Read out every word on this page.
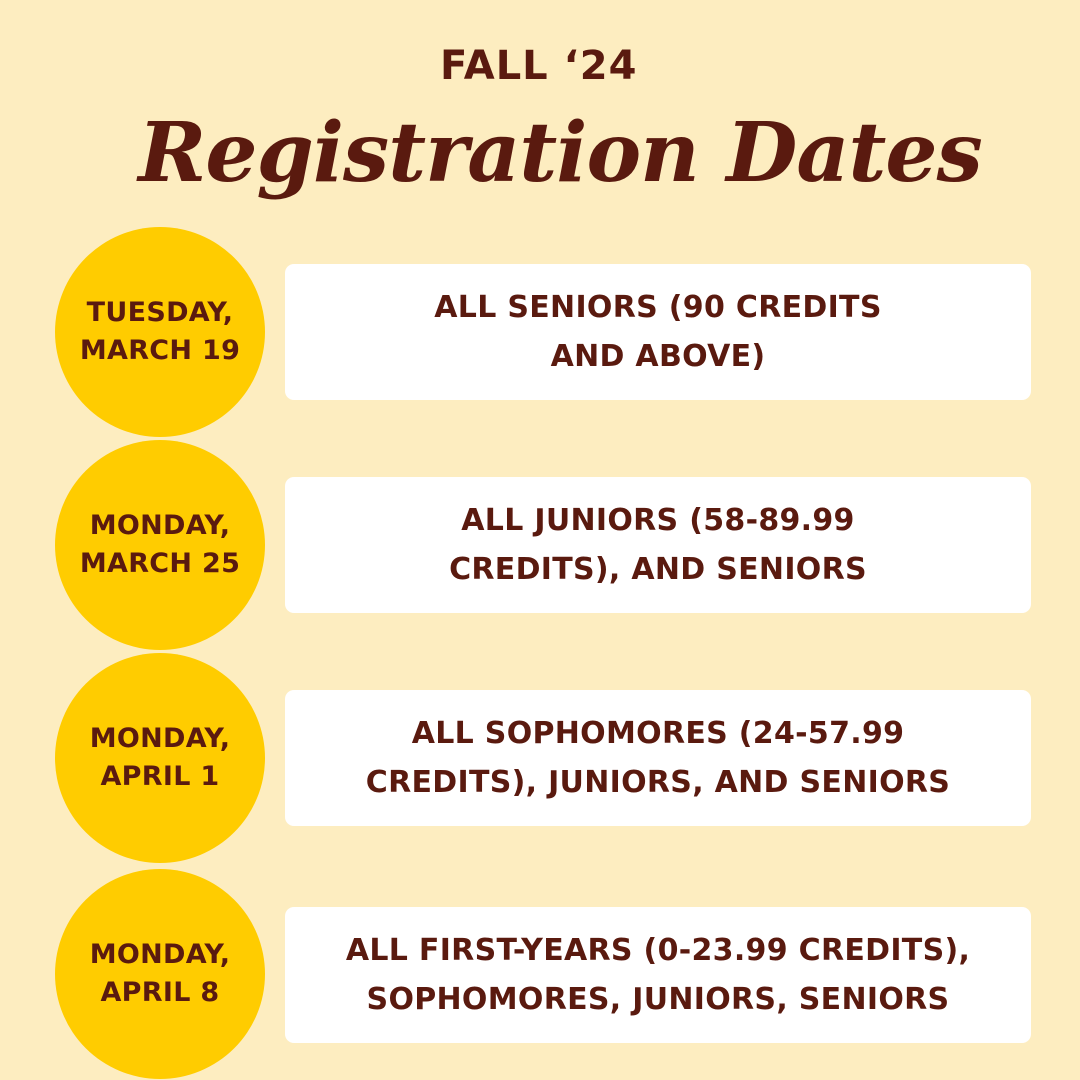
FALL ‘24
Registration Dates
TUESDAY,
MARCH 19
ALL SENIORS (90 CREDITS
AND ABOVE)
MONDAY,
MARCH 25
ALL JUNIORS (58-89.99
CREDITS), AND SENIORS
MONDAY,
APRIL 1
ALL SOPHOMORES (24-57.99
CREDITS), JUNIORS, AND SENIORS
MONDAY,
APRIL 8
ALL FIRST-YEARS (0-23.99 CREDITS),
SOPHOMORES, JUNIORS, SENIORS
